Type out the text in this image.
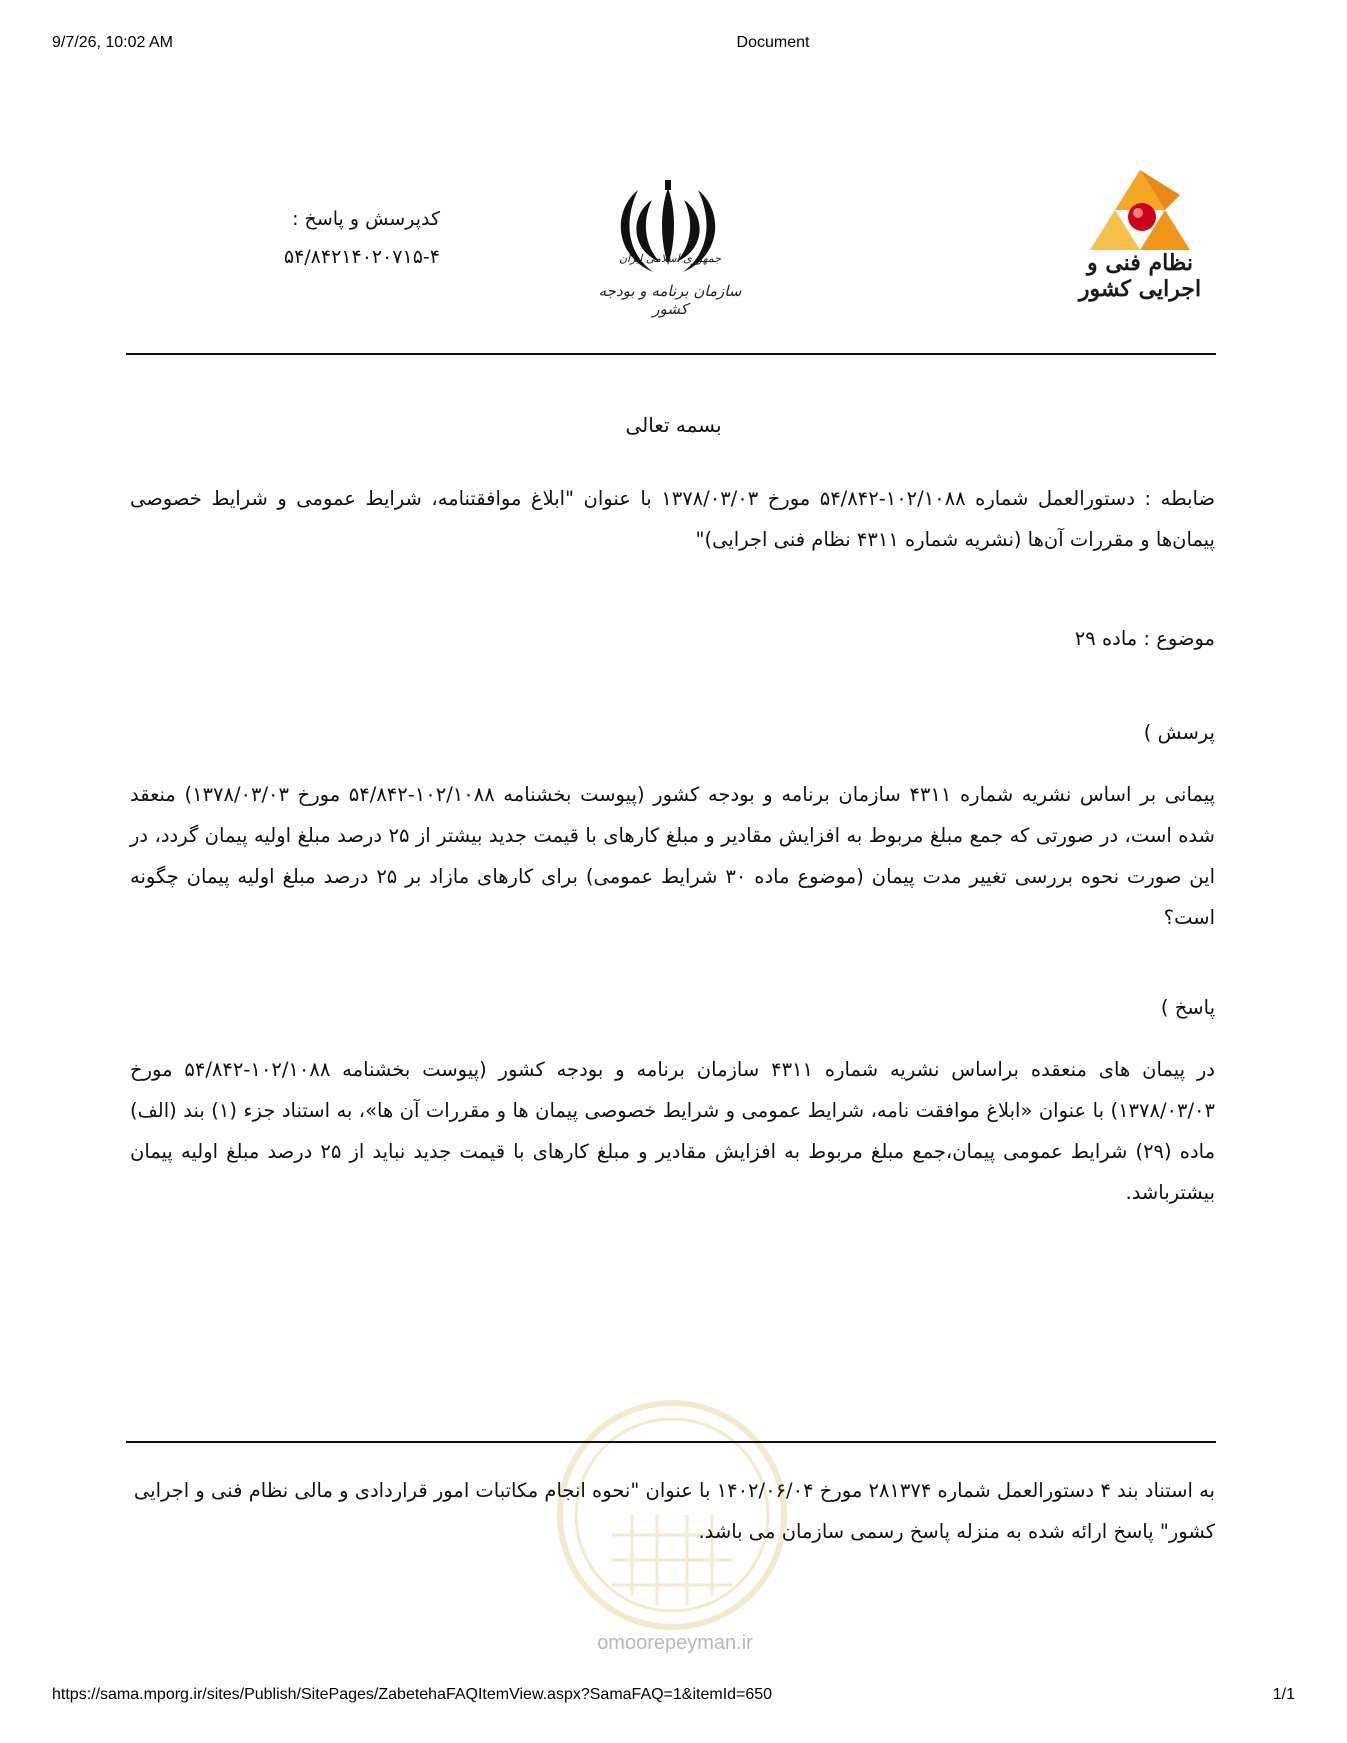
9/7/26, 10:02 AM	Document
نظام فنی و اجرایی کشور
جمهوری اسلامی ایران
سازمان برنامه و بودجه کشور
کدپرسش و پاسخ :
۵۴/۸۴۲۱۴۰۲۰۷۱۵-۴
بسمه تعالی
ضابطه : دستورالعمل شماره ۱۰۲/۱۰۸۸-۵۴/۸۴۲ مورخ ۱۳۷۸/۰۳/۰۳ با عنوان "ابلاغ موافقتنامه، شرایط عمومی و شرایط خصوصی پیمان‌ها و مقررات آن‌ها (نشریه شماره ۴۳۱۱ نظام فنی اجرایی)"
موضوع : ماده ۲۹
پرسش )
پیمانی بر اساس نشریه شماره ۴۳۱۱ سازمان برنامه و بودجه کشور (پیوست بخشنامه ۱۰۲/۱۰۸۸-۵۴/۸۴۲ مورخ ۱۳۷۸/۰۳/۰۳) منعقد شده است، در صورتی که جمع مبلغ مربوط به افزایش مقادیر و مبلغ کارهای با قیمت جدید بیشتر از ۲۵ درصد مبلغ اولیه پیمان گردد، در این صورت نحوه بررسی تغییر مدت پیمان (موضوع ماده ۳۰ شرایط عمومی) برای کارهای مازاد بر ۲۵ درصد مبلغ اولیه پیمان چگونه است؟
پاسخ )
در پیمان های منعقده براساس نشریه شماره ۴۳۱۱ سازمان برنامه و بودجه کشور (پیوست بخشنامه ۱۰۲/۱۰۸۸-۵۴/۸۴۲ مورخ ۱۳۷۸/۰۳/۰۳) با عنوان «ابلاغ موافقت نامه، شرایط عمومی و شرایط خصوصی پیمان ها و مقررات آن ها»، به استناد جزء (۱) بند (الف) ماده (۲۹) شرایط عمومی پیمان،جمع مبلغ مربوط به افزایش مقادیر و مبلغ کارهای با قیمت جدید نباید از ۲۵ درصد مبلغ اولیه پیمان بیشترباشد.
به استناد بند ۴ دستورالعمل شماره ۲۸۱۳۷۴ مورخ ۱۴۰۲/۰۶/۰۴ با عنوان "نحوه انجام مکاتبات امور قراردادی و مالی نظام فنی و اجرایی
کشور" پاسخ ارائه شده به منزله پاسخ رسمی سازمان می باشد.
omoorepeyman.ir
https://sama.mporg.ir/sites/Publish/SitePages/ZabetehaFAQItemView.aspx?SamaFAQ=1&itemId=650	1/1
